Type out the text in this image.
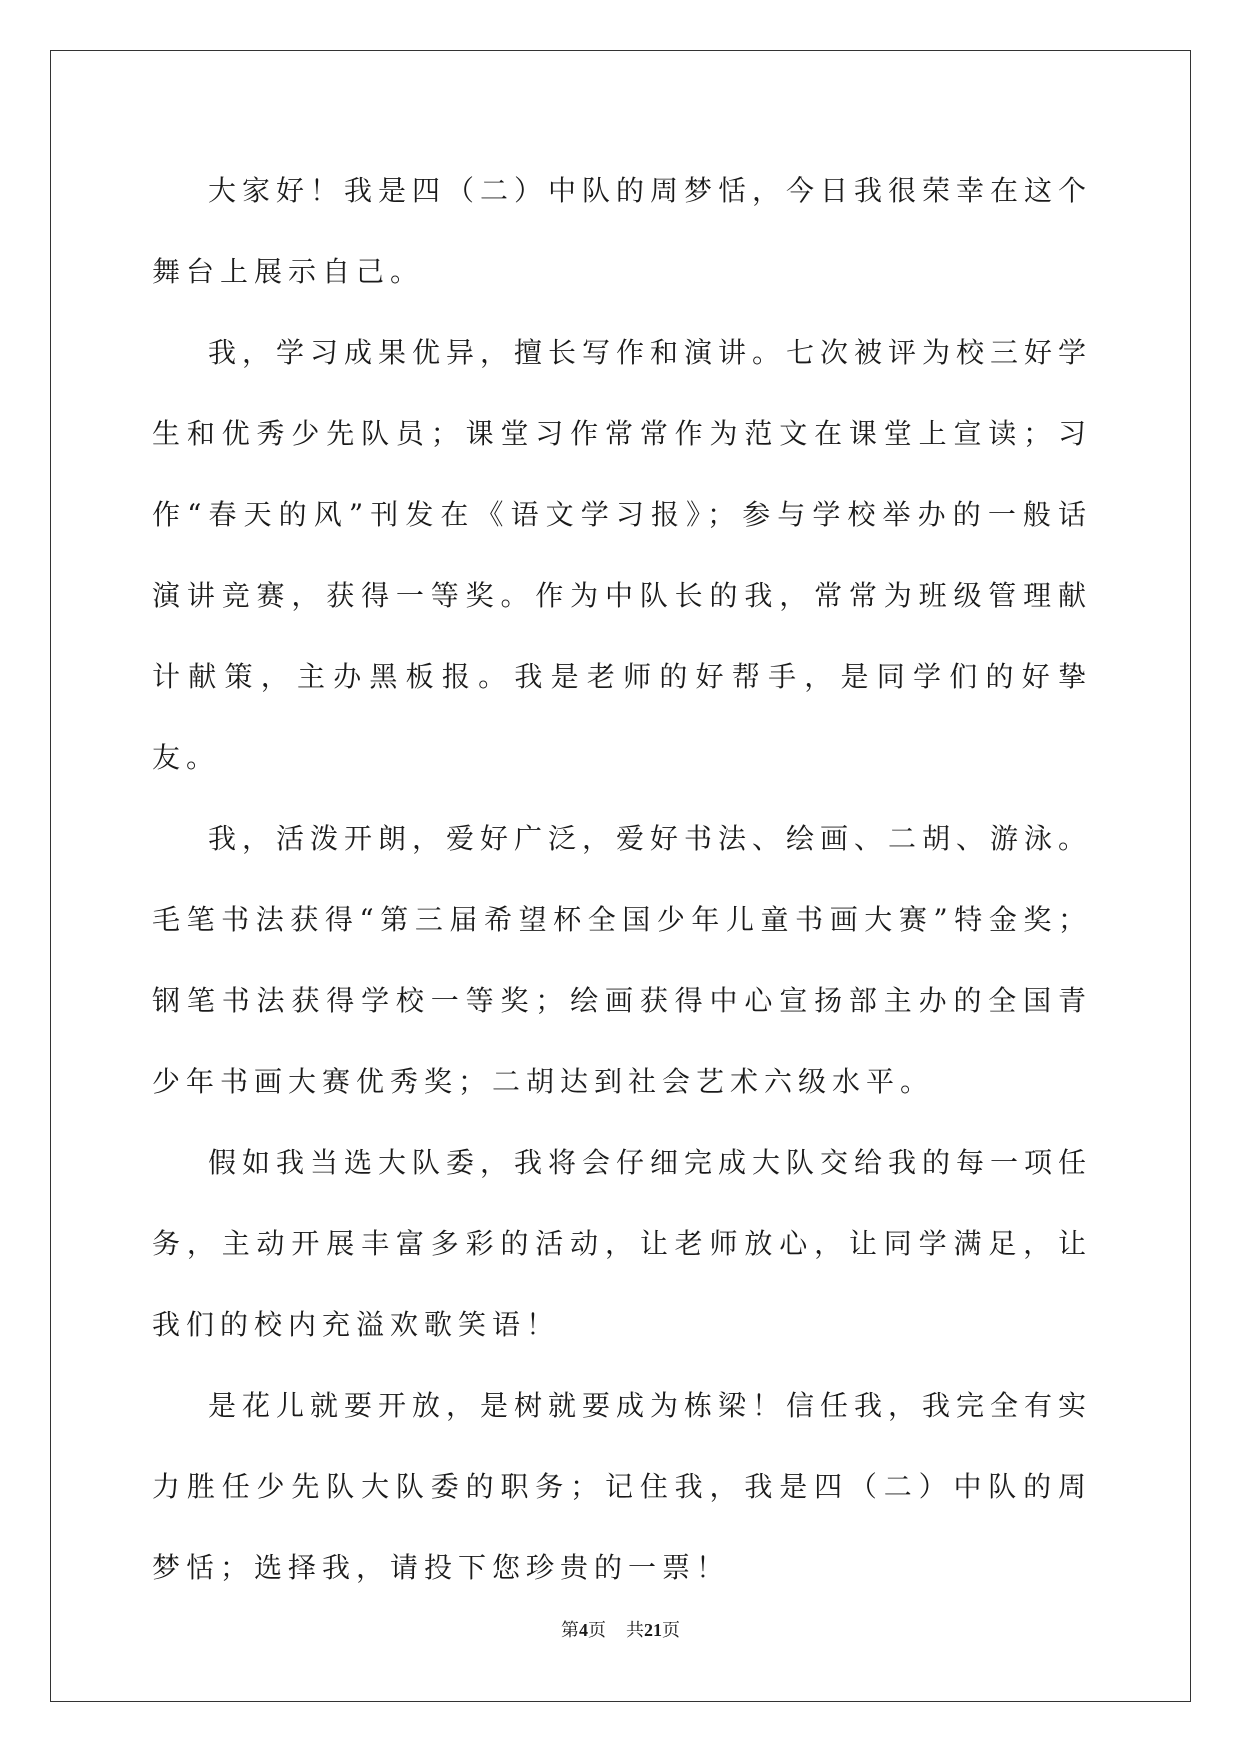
大家好！我是四（二）中队的周梦恬，今日我很荣幸在这个舞台上展示自己。

我，学习成果优异，擅长写作和演讲。七次被评为校三好学生和优秀少先队员；课堂习作常常作为范文在课堂上宣读；习作“春天的风”刊发在《语文学习报》；参与学校举办的一般话演讲竞赛，获得一等奖。作为中队长的我，常常为班级管理献计献策，主办黑板报。我是老师的好帮手，是同学们的好挚友。

我，活泼开朗，爱好广泛，爱好书法、绘画、二胡、游泳。毛笔书法获得“第三届希望杯全国少年儿童书画大赛”特金奖；钢笔书法获得学校一等奖；绘画获得中心宣扬部主办的全国青少年书画大赛优秀奖；二胡达到社会艺术六级水平。

假如我当选大队委，我将会仔细完成大队交给我的每一项任务，主动开展丰富多彩的活动，让老师放心，让同学满足，让我们的校内充溢欢歌笑语！

是花儿就要开放，是树就要成为栋梁！信任我，我完全有实力胜任少先队大队委的职务；记住我，我是四（二）中队的周梦恬；选择我，请投下您珍贵的一票！

第4页 共21页
